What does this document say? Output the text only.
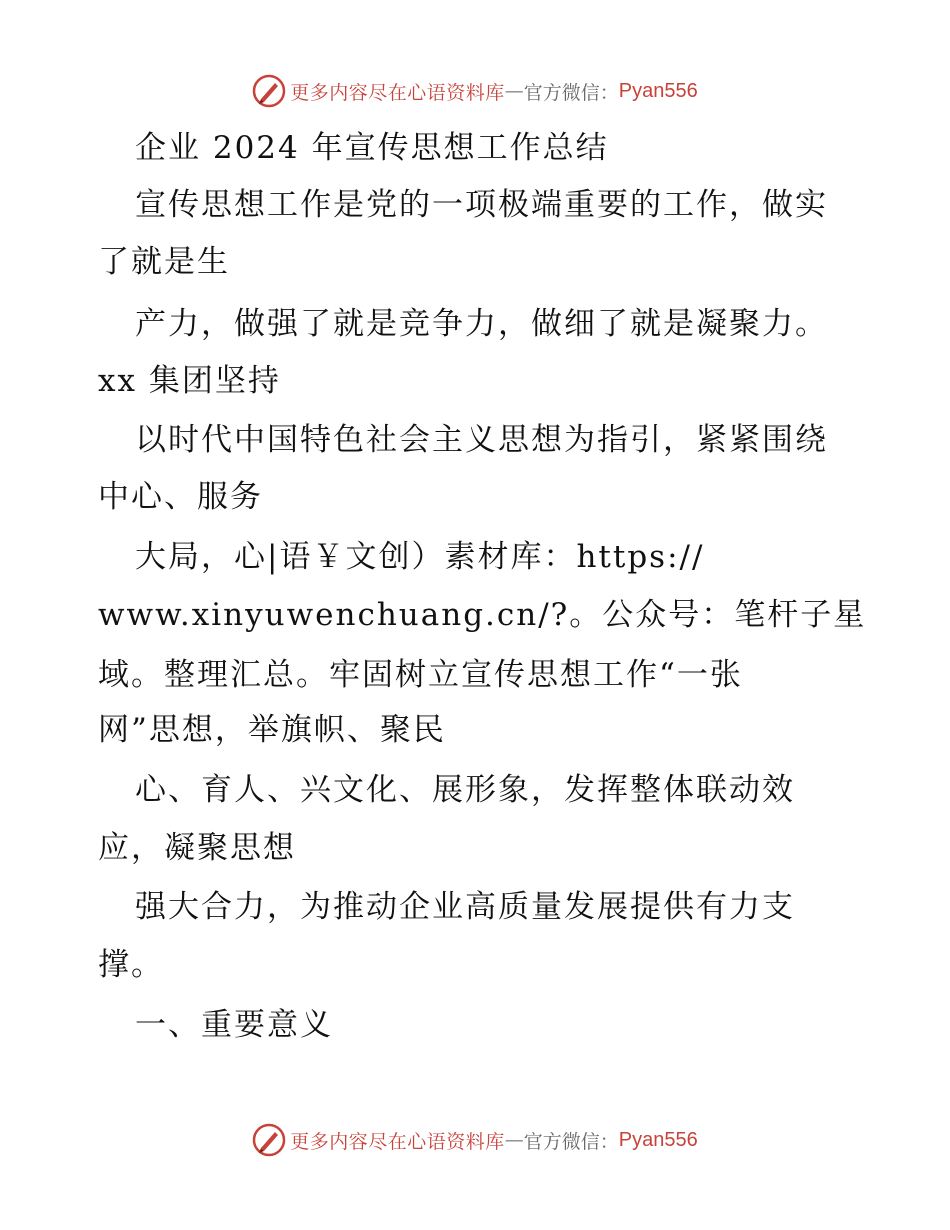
更多内容尽在心语资料库 — 官方微信： Pyan556
企业 2024 年宣传思想工作总结
宣传思想工作是党的一项极端重要的工作，做实
了就是生
产力，做强了就是竞争力，做细了就是凝聚力。
xx 集团坚持
以时代中国特色社会主义思想为指引，紧紧围绕
中心、服务
大局，心|语￥文创）素材库：https://
www.xinyuwenchuang.cn/?。公众号：笔杆子星
域。整理汇总。牢固树立宣传思想工作“一张
网”思想，举旗帜、聚民
心、育人、兴文化、展形象，发挥整体联动效
应，凝聚思想
强大合力，为推动企业高质量发展提供有力支
撑。
一、重要意义
更多内容尽在心语资料库 — 官方微信： Pyan556
